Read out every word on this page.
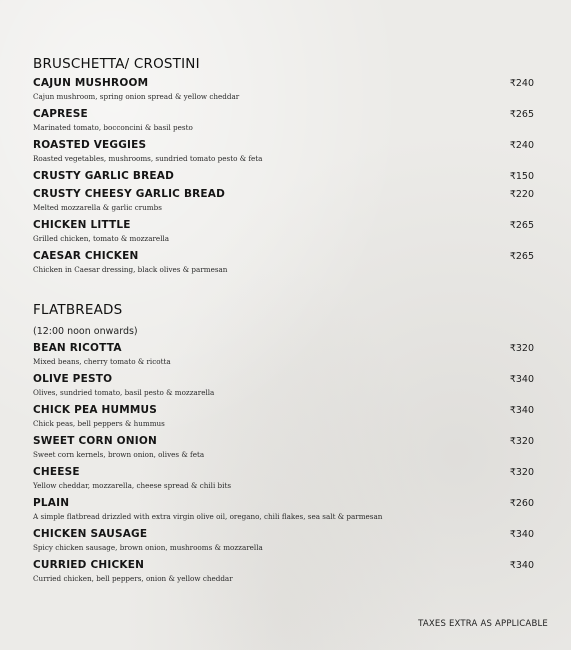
BRUSCHETTA/ CROSTINI
CAJUN MUSHROOM
Cajun mushroom, spring onion spread & yellow cheddar
₹240
CAPRESE
Marinated tomato, bocconcini & basil pesto
₹265
ROASTED VEGGIES
Roasted vegetables, mushrooms, sundried tomato pesto & feta
₹240
CRUSTY GARLIC BREAD	₹150
CRUSTY CHEESY GARLIC BREAD
Melted mozzarella & garlic crumbs
₹220
CHICKEN LITTLE
Grilled chicken, tomato & mozzarella
₹265
CAESAR CHICKEN
Chicken in Caesar dressing, black olives & parmesan
₹265
FLATBREADS
(12:00 noon onwards)
BEAN RICOTTA
Mixed beans, cherry tomato & ricotta
₹320
OLIVE PESTO
Olives, sundried tomato, basil pesto & mozzarella
₹340
CHICK PEA HUMMUS
Chick peas, bell peppers & hummus
₹340
SWEET CORN ONION
Sweet corn kernels, brown onion, olives & feta
₹320
CHEESE
Yellow cheddar, mozzarella, cheese spread & chili bits
₹320
PLAIN
A simple flatbread drizzled with extra virgin olive oil, oregano, chili flakes, sea salt & parmesan
₹260
CHICKEN SAUSAGE
Spicy chicken sausage, brown onion, mushrooms & mozzarella
₹340
CURRIED CHICKEN
Curried chicken, bell peppers, onion & yellow cheddar
₹340
TAXES EXTRA AS APPLICABLE
